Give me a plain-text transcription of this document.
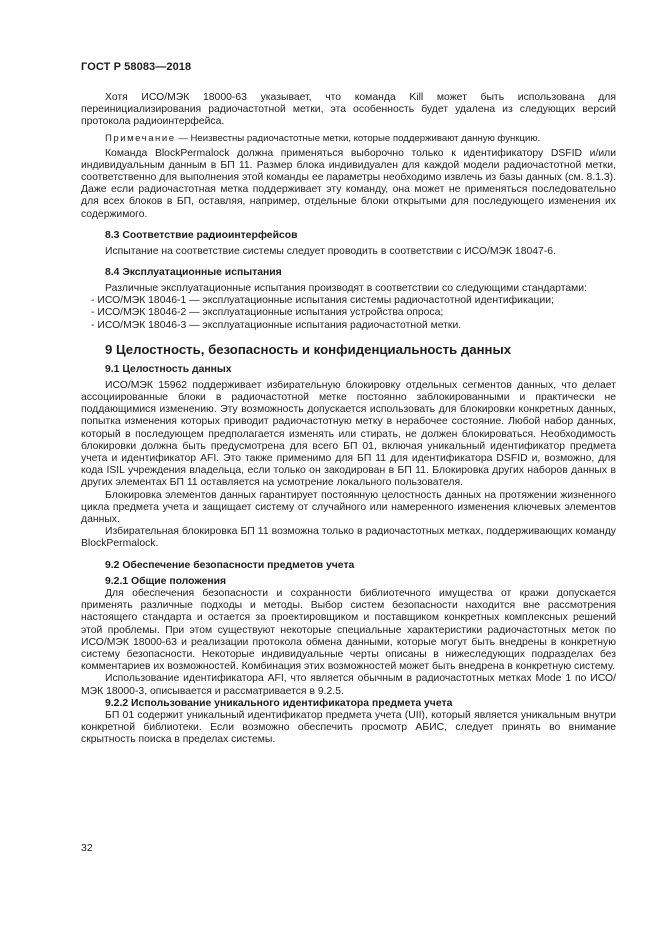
ГОСТ Р 58083—2018

Хотя ИСО/МЭК 18000-63 указывает, что команда Kill может быть использована для переинициализирования радиочастотной метки, эта особенность будет удалена из следующих версий протокола радиоинтерфейса.

Примечание — Неизвестны радиочастотные метки, которые поддерживают данную функцию.

Команда BlockPermalock должна применяться выборочно только к идентификатору DSFID и/или индивидуальным данным в БП 11. Размер блока индивидуален для каждой модели радиочастотной метки, соответственно для выполнения этой команды ее параметры необходимо извлечь из базы данных (см. 8.1.3). Даже если радиочастотная метка поддерживает эту команду, она может не применяться последовательно для всех блоков в БП, оставляя, например, отдельные блоки открытыми для последующего изменения их содержимого.

8.3 Соответствие радиоинтерфейсов

Испытание на соответствие системы следует проводить в соответствии с ИСО/МЭК 18047-6.

8.4 Эксплуатационные испытания

Различные эксплуатационные испытания производят в соответствии со следующими стандартами:

- ИСО/МЭК 18046-1 — эксплуатационные испытания системы радиочастотной идентификации;
- ИСО/МЭК 18046-2 — эксплуатационные испытания устройства опроса;
- ИСО/МЭК 18046-3 — эксплуатационные испытания радиочастотной метки.
9 Целостность, безопасность и конфиденциальность данных
9.1 Целостность данных

ИСО/МЭК 15962 поддерживает избирательную блокировку отдельных сегментов данных, что делает ассоциированные блоки в радиочастотной метке постоянно заблокированными и практически не поддающимися изменению. Эту возможность допускается использовать для блокировки конкретных данных, попытка изменения которых приводит радиочастотную метку в нерабочее состояние. Любой набор данных, который в последующем предполагается изменять или стирать, не должен блокироваться. Необходимость блокировки должна быть предусмотрена для всего БП 01, включая уникальный идентификатор предмета учета и идентификатор AFI. Это также применимо для БП 11 для идентификатора DSFID и, возможно, для кода ISIL учреждения владельца, если только он закодирован в БП 11. Блокировка других наборов данных в других элементах БП 11 оставляется на усмотрение локального пользователя.

Блокировка элементов данных гарантирует постоянную целостность данных на протяжении жизненного цикла предмета учета и защищает систему от случайного или намеренного изменения ключевых элементов данных.

Избирательная блокировка БП 11 возможна только в радиочастотных метках, поддерживающих команду BlockPermalock.

9.2 Обеспечение безопасности предметов учета
9.2.1 Общие положения

Для обеспечения безопасности и сохранности библиотечного имущества от кражи допускается применять различные подходы и методы. Выбор систем безопасности находится вне рассмотрения настоящего стандарта и остается за проектировщиком и поставщиком конкретных комплексных решений этой проблемы. При этом существуют некоторые специальные характеристики радиочастотных меток по ИСО/МЭК 18000-63 и реализации протокола обмена данными, которые могут быть внедрены в конкретную систему безопасности. Некоторые индивидуальные черты описаны в нижеследующих подразделах без комментариев их возможностей. Комбинация этих возможностей может быть внедрена в конкретную систему.

Использование идентификатора AFI, что является обычным в радиочастотных метках Mode 1 по ИСО/МЭК 18000-3, описывается и рассматривается в 9.2.5.

9.2.2 Использование уникального идентификатора предмета учета

БП 01 содержит уникальный идентификатор предмета учета (UII), который является уникальным внутри конкретной библиотеки. Если возможно обеспечить просмотр АБИС, следует принять во внимание скрытность поиска в пределах системы.

32
